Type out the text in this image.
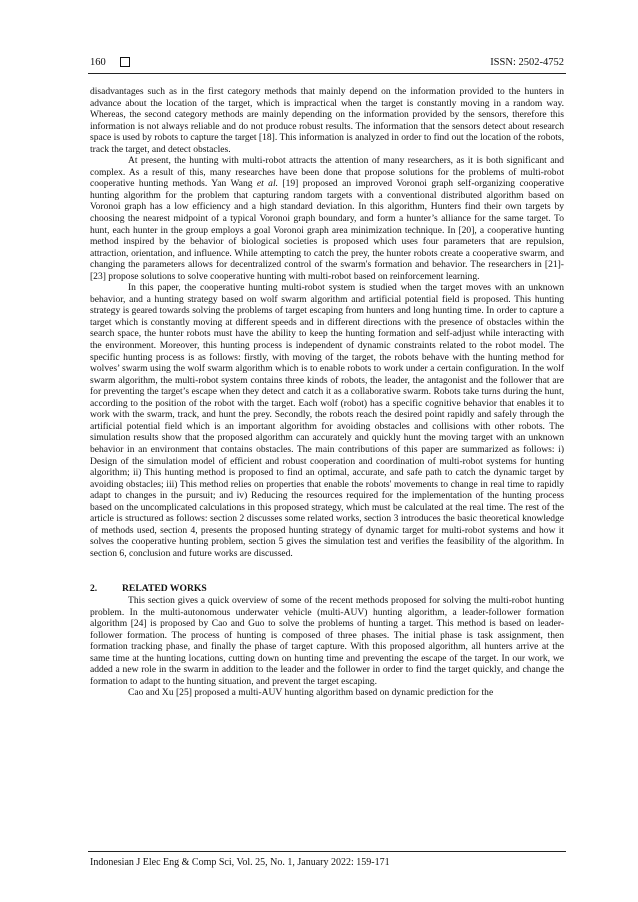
160	ISSN: 2502-4752

disadvantages such as in the first category methods that mainly depend on the information provided to the hunters in advance about the location of the target, which is impractical when the target is constantly moving in a random way. Whereas, the second category methods are mainly depending on the information provided by the sensors, therefore this information is not always reliable and do not produce robust results. The information that the sensors detect about research space is used by robots to capture the target [18]. This information is analyzed in order to find out the location of the robots, track the target, and detect obstacles.

At present, the hunting with multi-robot attracts the attention of many researchers, as it is both significant and complex. As a result of this, many researches have been done that propose solutions for the problems of multi-robot cooperative hunting methods. Yan Wang et al. [19] proposed an improved Voronoi graph self-organizing cooperative hunting algorithm for the problem that capturing random targets with a conventional distributed algorithm based on Voronoi graph has a low efficiency and a high standard deviation. In this algorithm, Hunters find their own targets by choosing the nearest midpoint of a typical Voronoi graph boundary, and form a hunter’s alliance for the same target. To hunt, each hunter in the group employs a goal Voronoi graph area minimization technique. In [20], a cooperative hunting method inspired by the behavior of biological societies is proposed which uses four parameters that are repulsion, attraction, orientation, and influence. While attempting to catch the prey, the hunter robots create a cooperative swarm, and changing the parameters allows for decentralized control of the swarm's formation and behavior. The researchers in [21]-[23] propose solutions to solve cooperative hunting with multi-robot based on reinforcement learning.

In this paper, the cooperative hunting multi-robot system is studied when the target moves with an unknown behavior, and a hunting strategy based on wolf swarm algorithm and artificial potential field is proposed. This hunting strategy is geared towards solving the problems of target escaping from hunters and long hunting time. In order to capture a target which is constantly moving at different speeds and in different directions with the presence of obstacles within the search space, the hunter robots must have the ability to keep the hunting formation and self-adjust while interacting with the environment. Moreover, this hunting process is independent of dynamic constraints related to the robot model. The specific hunting process is as follows: firstly, with moving of the target, the robots behave with the hunting method for wolves’ swarm using the wolf swarm algorithm which is to enable robots to work under a certain configuration. In the wolf swarm algorithm, the multi-robot system contains three kinds of robots, the leader, the antagonist and the follower that are for preventing the target’s escape when they detect and catch it as a collaborative swarm. Robots take turns during the hunt, according to the position of the robot with the target. Each wolf (robot) has a specific cognitive behavior that enables it to work with the swarm, track, and hunt the prey. Secondly, the robots reach the desired point rapidly and safely through the artificial potential field which is an important algorithm for avoiding obstacles and collisions with other robots. The simulation results show that the proposed algorithm can accurately and quickly hunt the moving target with an unknown behavior in an environment that contains obstacles. The main contributions of this paper are summarized as follows: i) Design of the simulation model of efficient and robust cooperation and coordination of multi-robot systems for hunting algorithm; ii) This hunting method is proposed to find an optimal, accurate, and safe path to catch the dynamic target by avoiding obstacles; iii) This method relies on properties that enable the robots' movements to change in real time to rapidly adapt to changes in the pursuit; and iv) Reducing the resources required for the implementation of the hunting process based on the uncomplicated calculations in this proposed strategy, which must be calculated at the real time. The rest of the article is structured as follows: section 2 discusses some related works, section 3 introduces the basic theoretical knowledge of methods used, section 4, presents the proposed hunting strategy of dynamic target for multi-robot systems and how it solves the cooperative hunting problem, section 5 gives the simulation test and verifies the feasibility of the algorithm. In section 6, conclusion and future works are discussed.

2.	RELATED WORKS

This section gives a quick overview of some of the recent methods proposed for solving the multi-robot hunting problem. In the multi-autonomous underwater vehicle (multi-AUV) hunting algorithm, a leader-follower formation algorithm [24] is proposed by Cao and Guo to solve the problems of hunting a target. This method is based on leader-follower formation. The process of hunting is composed of three phases. The initial phase is task assignment, then formation tracking phase, and finally the phase of target capture. With this proposed algorithm, all hunters arrive at the same time at the hunting locations, cutting down on hunting time and preventing the escape of the target. In our work, we added a new role in the swarm in addition to the leader and the follower in order to find the target quickly, and change the formation to adapt to the hunting situation, and prevent the target escaping.

Cao and Xu [25] proposed a multi-AUV hunting algorithm based on dynamic prediction for the

Indonesian J Elec Eng & Comp Sci, Vol. 25, No. 1, January 2022: 159-171
